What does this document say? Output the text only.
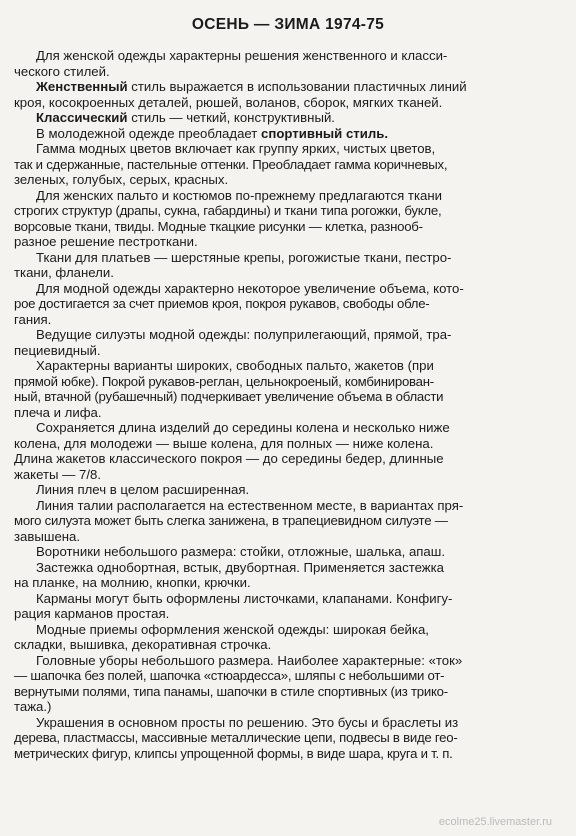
ОСЕНЬ — ЗИМА 1974-75
Для женской одежды характерны решения женственного и класси-
ческого стилей.
Женственный стиль выражается в использовании пластичных линий
кроя, косокроенных деталей, рюшей, воланов, сборок, мягких тканей.
Классический стиль — четкий, конструктивный.
В молодежной одежде преобладает спортивный стиль.
Гамма модных цветов включает как группу ярких, чистых цветов,
так и сдержанные, пастельные оттенки. Преобладает гамма коричневых,
зеленых, голубых, серых, красных.
Для женских пальто и костюмов по-прежнему предлагаются ткани
строгих структур (драпы, сукна, габардины) и ткани типа рогожки, букле,
ворсовые ткани, твиды. Модные ткацкие рисунки — клетка, разнооб-
разное решение пестроткани.
Ткани для платьев — шерстяные крепы, рогожистые ткани, пестро-
ткани, фланели.
Для модной одежды характерно некоторое увеличение объема, кото-
рое достигается за счет приемов кроя, покроя рукавов, свободы обле-
гания.
Ведущие силуэты модной одежды: полуприлегающий, прямой, тра-
пециевидный.
Характерны варианты широких, свободных пальто, жакетов (при
прямой юбке). Покрой рукавов-реглан, цельнокроеный, комбинирован-
ный, втачной (рубашечный) подчеркивает увеличение объема в области
плеча и лифа.
Сохраняется длина изделий до середины колена и несколько ниже
колена, для молодежи — выше колена, для полных — ниже колена.
Длина жакетов классического покроя — до середины бедер, длинные
жакеты — 7/8.
Линия плеч в целом расширенная.
Линия талии располагается на естественном месте, в вариантах пря-
мого силуэта может быть слегка занижена, в трапециевидном силуэте —
завышена.
Воротники небольшого размера: стойки, отложные, шалька, апаш.
Застежка однобортная, встык, двубортная. Применяется застежка
на планке, на молнию, кнопки, крючки.
Карманы могут быть оформлены листочками, клапанами. Конфигу-
рация карманов простая.
Модные приемы оформления женской одежды: широкая бейка,
складки, вышивка, декоративная строчка.
Головные уборы небольшого размера. Наиболее характерные: «ток»
— шапочка без полей, шапочка «стюардесса», шляпы с небольшими от-
вернутыми полями, типа панамы, шапочки в стиле спортивных (из трико-
тажа.)
Украшения в основном просты по решению. Это бусы и браслеты из
дерева, пластмассы, массивные металлические цепи, подвесы в виде гео-
метрических фигур, клипсы упрощенной формы, в виде шара, круга и т. п.
ecolme25.livemaster.ru
